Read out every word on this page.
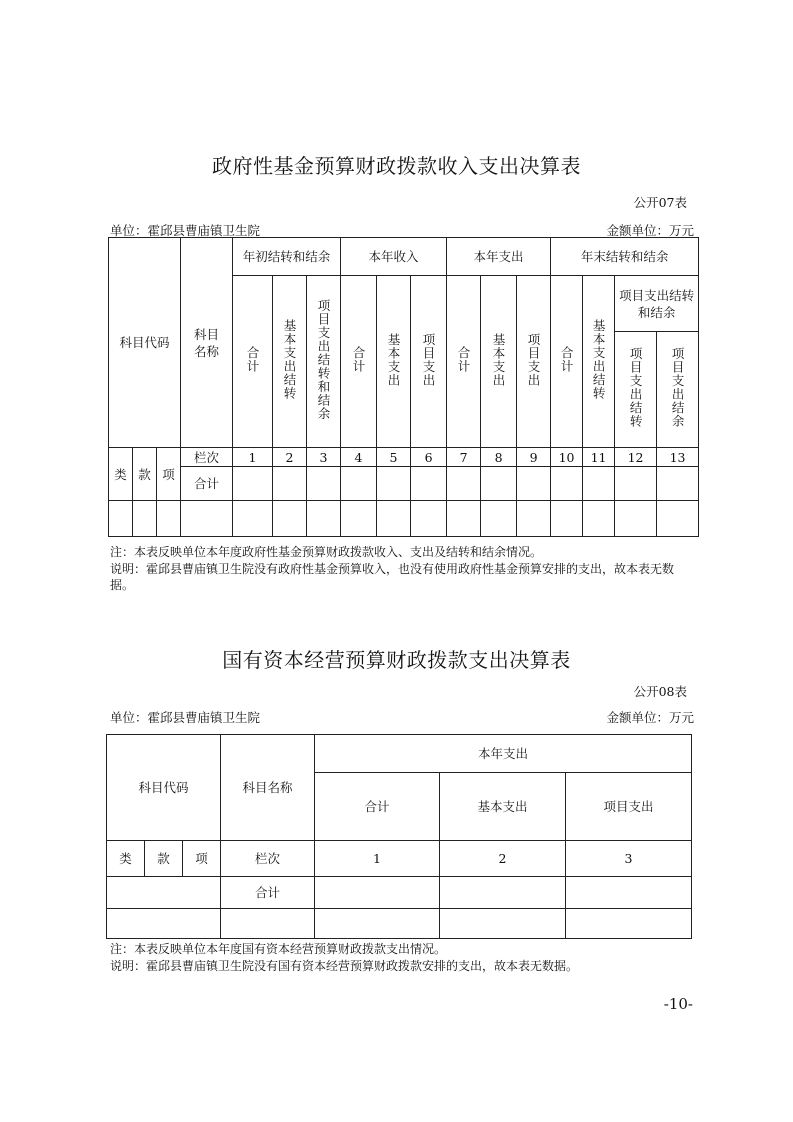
政府性基金预算财政拨款收入支出决算表
公开07表
单位：霍邱县曹庙镇卫生院	金额单位：万元
科目代码			科目名称	年初结转和结余			本年收入			本年支出			年末结转和结余			
				合计	基本支出结转	项目支出结转和结余	合计	基本支出	项目支出	合计	基本支出	项目支出	合计	基本支出结转	项目支出结转和结余	
															项目支出结转	项目支出结余
类	款	项	栏次	1	2	3	4	5	6	7	8	9	10	11	12	13
			合计													

注：本表反映单位本年度政府性基金预算财政拨款收入、支出及结转和结余情况。
说明：霍邱县曹庙镇卫生院没有政府性基金预算收入，也没有使用政府性基金预算安排的支出，故本表无数据。
国有资本经营预算财政拨款支出决算表
公开08表
单位：霍邱县曹庙镇卫生院	金额单位：万元
科目代码			科目名称	本年支出		
				合计	基本支出	项目支出
类	款	项	栏次	1	2	3
			合计			

注：本表反映单位本年度国有资本经营预算财政拨款支出情况。
说明：霍邱县曹庙镇卫生院没有国有资本经营预算财政拨款安排的支出，故本表无数据。
-10-
